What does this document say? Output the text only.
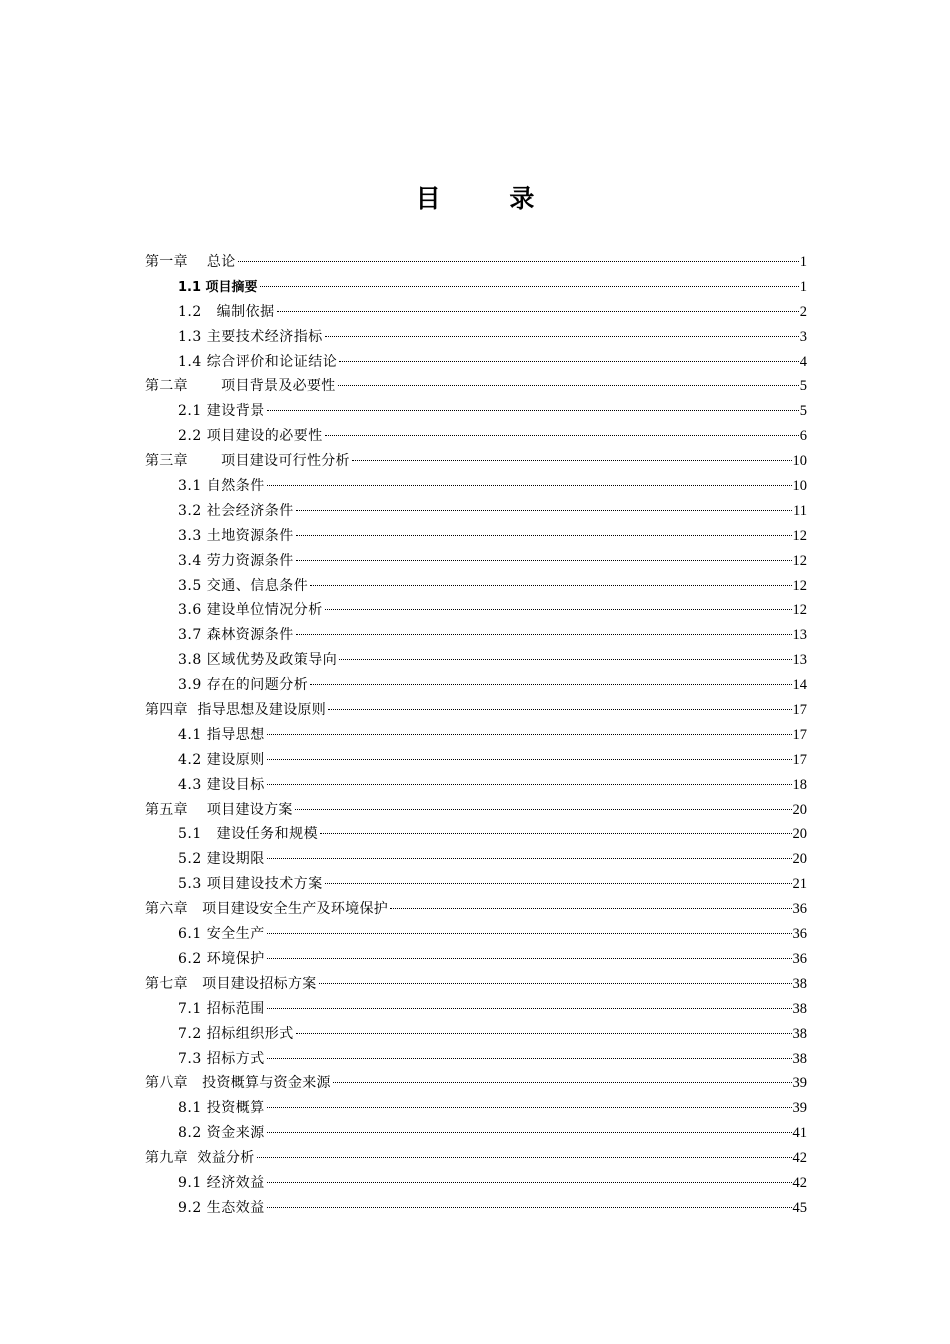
目 录
第一章    总论	1
1.1 项目摘要	1
1.2   编制依据	2
1.3 主要技术经济指标	3
1.4 综合评价和论证结论	4
第二章       项目背景及必要性	5
2.1 建设背景	5
2.2 项目建设的必要性	6
第三章       项目建设可行性分析	10
3.1 自然条件	10
3.2 社会经济条件	11
3.3 土地资源条件	12
3.4 劳力资源条件	12
3.5 交通、信息条件	12
3.6 建设单位情况分析	12
3.7 森林资源条件	13
3.8 区域优势及政策导向	13
3.9 存在的问题分析	14
第四章  指导思想及建设原则	17
4.1 指导思想	17
4.2 建设原则	17
4.3 建设目标	18
第五章    项目建设方案	20
5.1   建设任务和规模	20
5.2 建设期限	20
5.3 项目建设技术方案	21
第六章   项目建设安全生产及环境保护	36
6.1 安全生产	36
6.2 环境保护	36
第七章   项目建设招标方案	38
7.1 招标范围	38
7.2 招标组织形式	38
7.3 招标方式	38
第八章   投资概算与资金来源	39
8.1 投资概算	39
8.2 资金来源	41
第九章  效益分析	42
9.1 经济效益	42
9.2 生态效益	45
